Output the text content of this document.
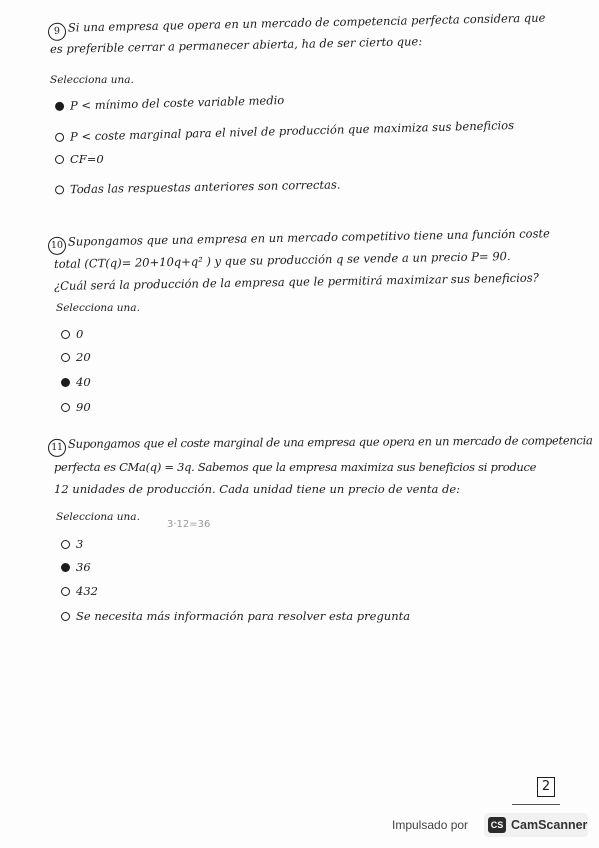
9 Si una empresa que opera en un mercado de competencia perfecta considera que
es preferible cerrar a permanecer abierta, ha de ser cierto que:
Selecciona una.
P < mínimo del coste variable medio
P < coste marginal para el nivel de producción que maximiza sus beneficios
CF=0
Todas las respuestas anteriores son correctas.
10 Supongamos que una empresa en un mercado competitivo tiene una función coste
total (CT(q)= 20+10q+q² ) y que su producción q se vende a un precio P= 90.
¿Cuál será la producción de la empresa que le permitirá maximizar sus beneficios?
Selecciona una.
0
20
40
90
11 Supongamos que el coste marginal de una empresa que opera en un mercado de competencia
perfecta es CMa(q) = 3q. Sabemos que la empresa maximiza sus beneficios si produce
12 unidades de producción. Cada unidad tiene un precio de venta de:
Selecciona una.
3·12=36
3
36
432
Se necesita más información para resolver esta pregunta
2
Impulsado por	CS CamScanner
